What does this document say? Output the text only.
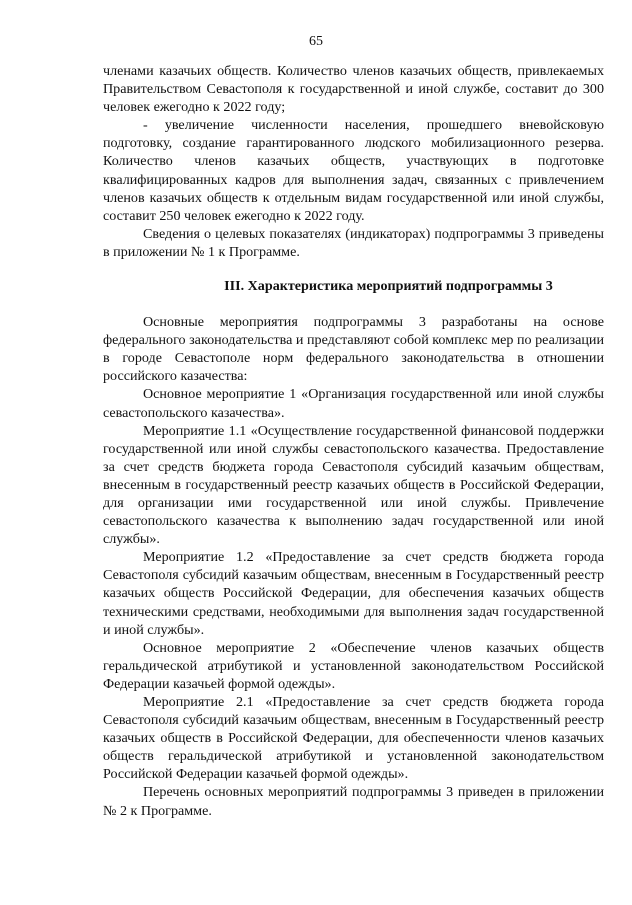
65

членами казачьих обществ. Количество членов казачьих обществ, привлекаемых Правительством Севастополя к государственной и иной службе, составит до 300 человек ежегодно к 2022 году;

- увеличение численности населения, прошедшего вневойсковую подготовку, создание гарантированного людского мобилизационного резерва. Количество членов казачьих обществ, участвующих в подготовке квалифицированных кадров для выполнения задач, связанных с привлечением членов казачьих обществ к отдельным видам государственной или иной службы, составит 250 человек ежегодно к 2022 году.

Сведения о целевых показателях (индикаторах) подпрограммы 3 приведены в приложении № 1 к Программе.

III. Характеристика мероприятий подпрограммы 3

Основные мероприятия подпрограммы 3 разработаны на основе федерального законодательства и представляют собой комплекс мер по реализации в городе Севастополе норм федерального законодательства в отношении российского казачества:

Основное мероприятие 1 «Организация государственной или иной службы севастопольского казачества».

Мероприятие 1.1 «Осуществление государственной финансовой поддержки государственной или иной службы севастопольского казачества. Предоставление за счет средств бюджета города Севастополя субсидий казачьим обществам, внесенным в государственный реестр казачьих обществ в Российской Федерации, для организации ими государственной или иной службы. Привлечение севастопольского казачества к выполнению задач государственной или иной службы».

Мероприятие 1.2 «Предоставление за счет средств бюджета города Севастополя субсидий казачьим обществам, внесенным в Государственный реестр казачьих обществ Российской Федерации, для обеспечения казачьих обществ техническими средствами, необходимыми для выполнения задач государственной и иной службы».

Основное мероприятие 2 «Обеспечение членов казачьих обществ геральдической атрибутикой и установленной законодательством Российской Федерации казачьей формой одежды».

Мероприятие 2.1 «Предоставление за счет средств бюджета города Севастополя субсидий казачьим обществам, внесенным в Государственный реестр казачьих обществ в Российской Федерации, для обеспеченности членов казачьих обществ геральдической атрибутикой и установленной законодательством Российской Федерации казачьей формой одежды».

Перечень основных мероприятий подпрограммы 3 приведен в приложении № 2 к Программе.
